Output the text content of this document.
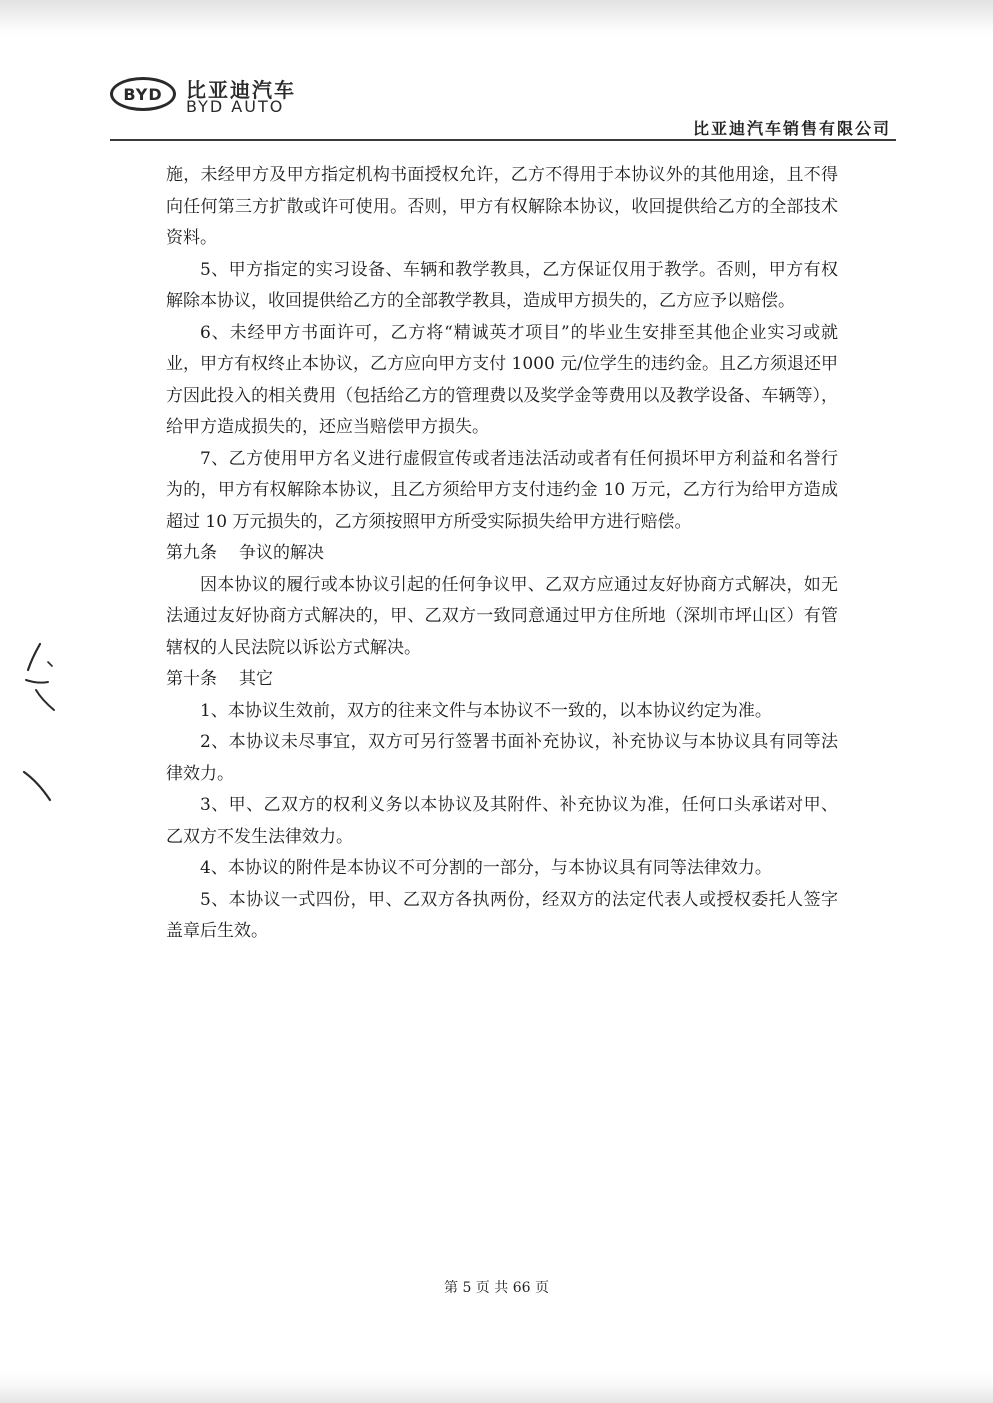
BYD	比亚迪汽车
BYD AUTO
比亚迪汽车销售有限公司

施，未经甲方及甲方指定机构书面授权允许，乙方不得用于本协议外的其他用途，且不得向任何第三方扩散或许可使用。否则，甲方有权解除本协议，收回提供给乙方的全部技术资料。

5、甲方指定的实习设备、车辆和教学教具，乙方保证仅用于教学。否则，甲方有权解除本协议，收回提供给乙方的全部教学教具，造成甲方损失的，乙方应予以赔偿。

6、未经甲方书面许可，乙方将“精诚英才项目”的毕业生安排至其他企业实习或就业，甲方有权终止本协议，乙方应向甲方支付 1000 元/位学生的违约金。且乙方须退还甲方因此投入的相关费用（包括给乙方的管理费以及奖学金等费用以及教学设备、车辆等），给甲方造成损失的，还应当赔偿甲方损失。

7、乙方使用甲方名义进行虚假宣传或者违法活动或者有任何损坏甲方利益和名誉行为的，甲方有权解除本协议，且乙方须给甲方支付违约金 10 万元，乙方行为给甲方造成超过 10 万元损失的，乙方须按照甲方所受实际损失给甲方进行赔偿。

第九条 争议的解决

因本协议的履行或本协议引起的任何争议甲、乙双方应通过友好协商方式解决，如无法通过友好协商方式解决的，甲、乙双方一致同意通过甲方住所地（深圳市坪山区）有管辖权的人民法院以诉讼方式解决。

第十条 其它

1、本协议生效前，双方的往来文件与本协议不一致的，以本协议约定为准。

2、本协议未尽事宜，双方可另行签署书面补充协议，补充协议与本协议具有同等法律效力。

3、甲、乙双方的权利义务以本协议及其附件、补充协议为准，任何口头承诺对甲、乙双方不发生法律效力。

4、本协议的附件是本协议不可分割的一部分，与本协议具有同等法律效力。

5、本协议一式四份，甲、乙双方各执两份，经双方的法定代表人或授权委托人签字盖章后生效。

第 5 页 共 66 页
